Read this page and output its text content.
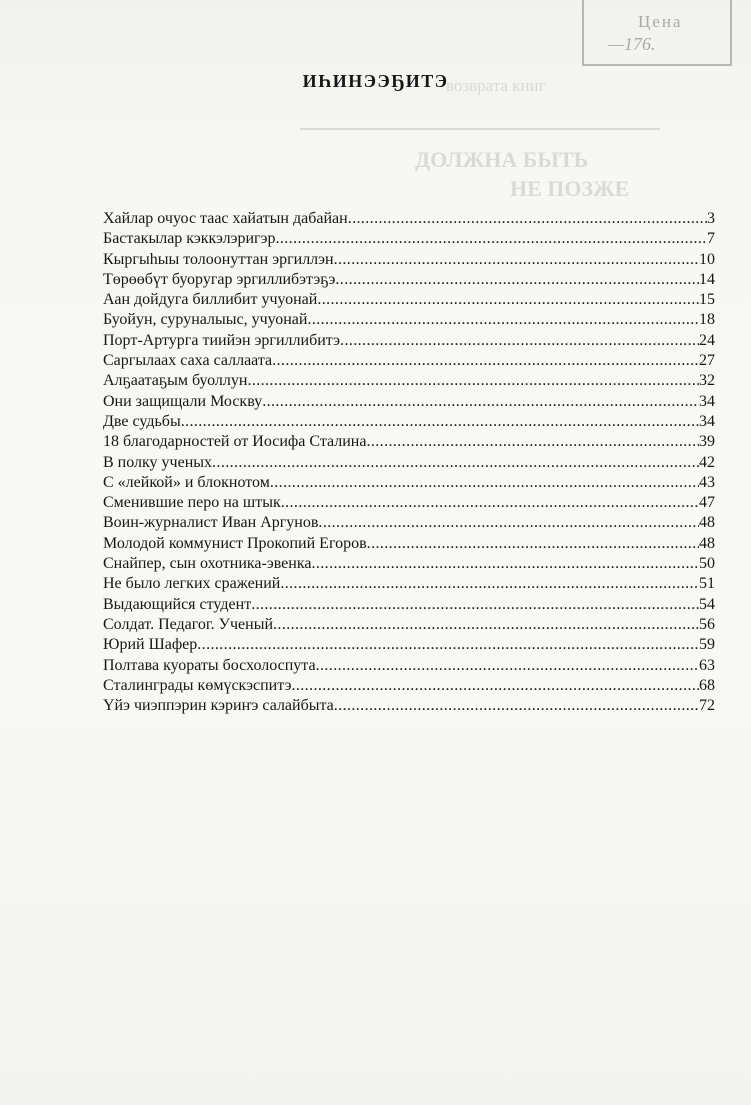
Цена
—176.
возврата книг
ДОЛЖНА БЫТЬ
НЕ ПОЗЖЕ
ИҺИНЭЭҔИТЭ
Хайлар очуос таас хайатын дабайан .....	3
Бастакылар кэккэлэригэр .....	7
Кыргыһыы толоонуттан эргиллэн .....	10
Төрөөбүт буоругар эргиллибэтэҕэ .....	14
Аан дойдуга биллибит учуонай .....	15
Буойун, суруналыыс, учуонай .....	18
Порт-Артурга тиийэн эргиллибитэ .....	24
Саргылаах саха саллаата .....	27
Алҕаатаҕым буоллун .....	32
Они защищали Москву .....	34
Две судьбы .....	34
18 благодарностей от Иосифа Сталина .....	39
В полку ученых .....	42
С «лейкой» и блокнотом .....	43
Сменившие перо на штык .....	47
Воин-журналист Иван Аргунов .....	48
Молодой коммунист Прокопий Егоров .....	48
Снайпер, сын охотника-эвенка .....	50
Не было легких сражений .....	51
Выдающийся студент .....	54
Солдат. Педагог. Ученый .....	56
Юрий Шафер .....	59
Полтава куораты босхолоспута .....	63
Сталинграды көмүскэспитэ .....	68
Үйэ чиэппэрин кэриҥэ салайбыта .....	72
